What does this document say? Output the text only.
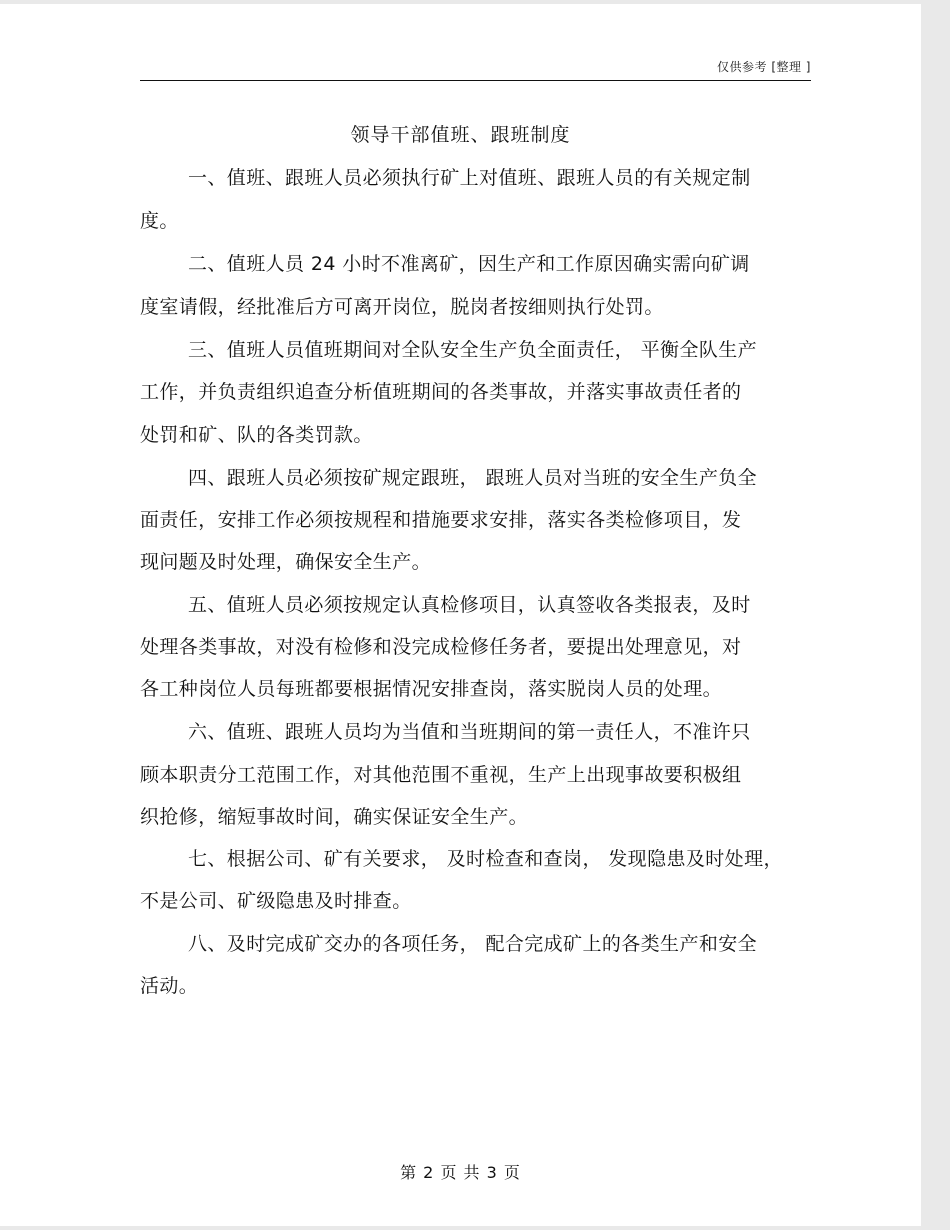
仅供参考 [整理 ]
领导干部值班、跟班制度
一、值班、跟班人员必须执行矿上对值班、跟班人员的有关规定制
度。
二、值班人员 24 小时不准离矿，因生产和工作原因确实需向矿调
度室请假，经批准后方可离开岗位，脱岗者按细则执行处罚。
三、值班人员值班期间对全队安全生产负全面责任， 平衡全队生产
工作，并负责组织追查分析值班期间的各类事故，并落实事故责任者的
处罚和矿、队的各类罚款。
四、跟班人员必须按矿规定跟班， 跟班人员对当班的安全生产负全
面责任，安排工作必须按规程和措施要求安排，落实各类检修项目，发
现问题及时处理，确保安全生产。
五、值班人员必须按规定认真检修项目，认真签收各类报表，及时
处理各类事故，对没有检修和没完成检修任务者，要提出处理意见，对
各工种岗位人员每班都要根据情况安排查岗，落实脱岗人员的处理。
六、值班、跟班人员均为当值和当班期间的第一责任人，不准许只
顾本职责分工范围工作，对其他范围不重视，生产上出现事故要积极组
织抢修，缩短事故时间，确实保证安全生产。
七、根据公司、矿有关要求， 及时检查和查岗， 发现隐患及时处理，
不是公司、矿级隐患及时排查。
八、及时完成矿交办的各项任务， 配合完成矿上的各类生产和安全
活动。
第 2 页 共 3 页
